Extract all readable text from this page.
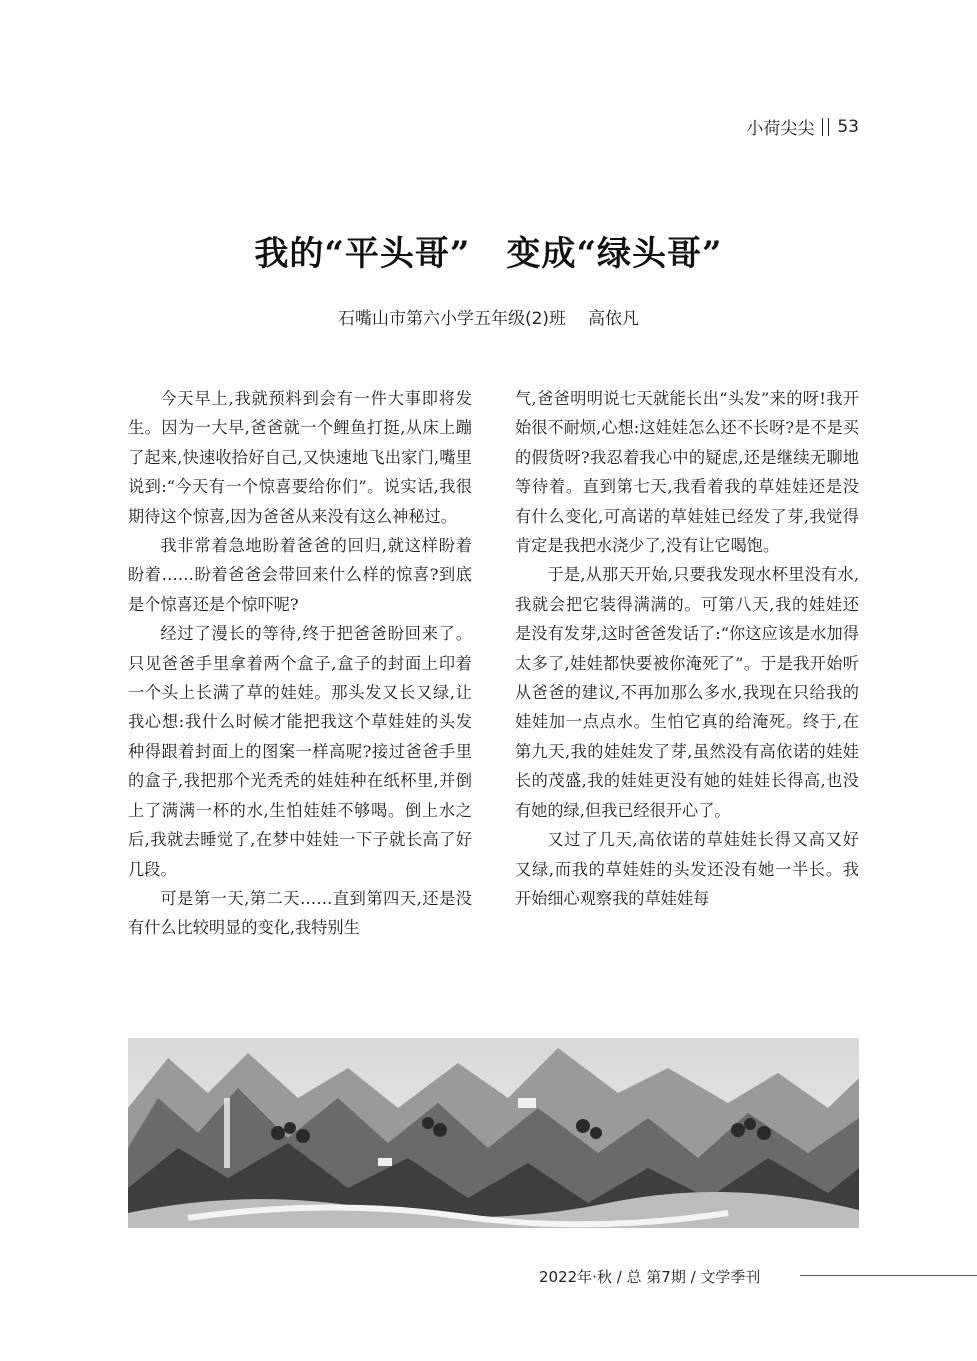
小荷尖尖 53
我的“平头哥” 变成“绿头哥”
石嘴山市第六小学五年级(2)班 高依凡

今天早上,我就预料到会有一件大事即将发生。因为一大早,爸爸就一个鲤鱼打挺,从床上蹦了起来,快速收拾好自己,又快速地飞出家门,嘴里说到:“今天有一个惊喜要给你们”。说实话,我很期待这个惊喜,因为爸爸从来没有这么神秘过。

我非常着急地盼着爸爸的回归,就这样盼着盼着……盼着爸爸会带回来什么样的惊喜?到底是个惊喜还是个惊吓呢?

经过了漫长的等待,终于把爸爸盼回来了。只见爸爸手里拿着两个盒子,盒子的封面上印着一个头上长满了草的娃娃。那头发又长又绿,让我心想:我什么时候才能把我这个草娃娃的头发种得跟着封面上的图案一样高呢?接过爸爸手里的盒子,我把那个光秃秃的娃娃种在纸杯里,并倒上了满满一杯的水,生怕娃娃不够喝。倒上水之后,我就去睡觉了,在梦中娃娃一下子就长高了好几段。

可是第一天,第二天……直到第四天,还是没有什么比较明显的变化,我特别生

气,爸爸明明说七天就能长出“头发”来的呀!我开始很不耐烦,心想:这娃娃怎么还不长呀?是不是买的假货呀?我忍着我心中的疑虑,还是继续无聊地等待着。直到第七天,我看着我的草娃娃还是没有什么变化,可高诺的草娃娃已经发了芽,我觉得肯定是我把水浇少了,没有让它喝饱。

于是,从那天开始,只要我发现水杯里没有水,我就会把它装得满满的。可第八天,我的娃娃还是没有发芽,这时爸爸发话了:“你这应该是水加得太多了,娃娃都快要被你淹死了”。于是我开始听从爸爸的建议,不再加那么多水,我现在只给我的娃娃加一点点水。生怕它真的给淹死。终于,在第九天,我的娃娃发了芽,虽然没有高依诺的娃娃长的茂盛,我的娃娃更没有她的娃娃长得高,也没有她的绿,但我已经很开心了。

又过了几天,高依诺的草娃娃长得又高又好又绿,而我的草娃娃的头发还没有她一半长。我开始细心观察我的草娃娃每

2022年·秋 / 总 第7期 / 文学季刊
